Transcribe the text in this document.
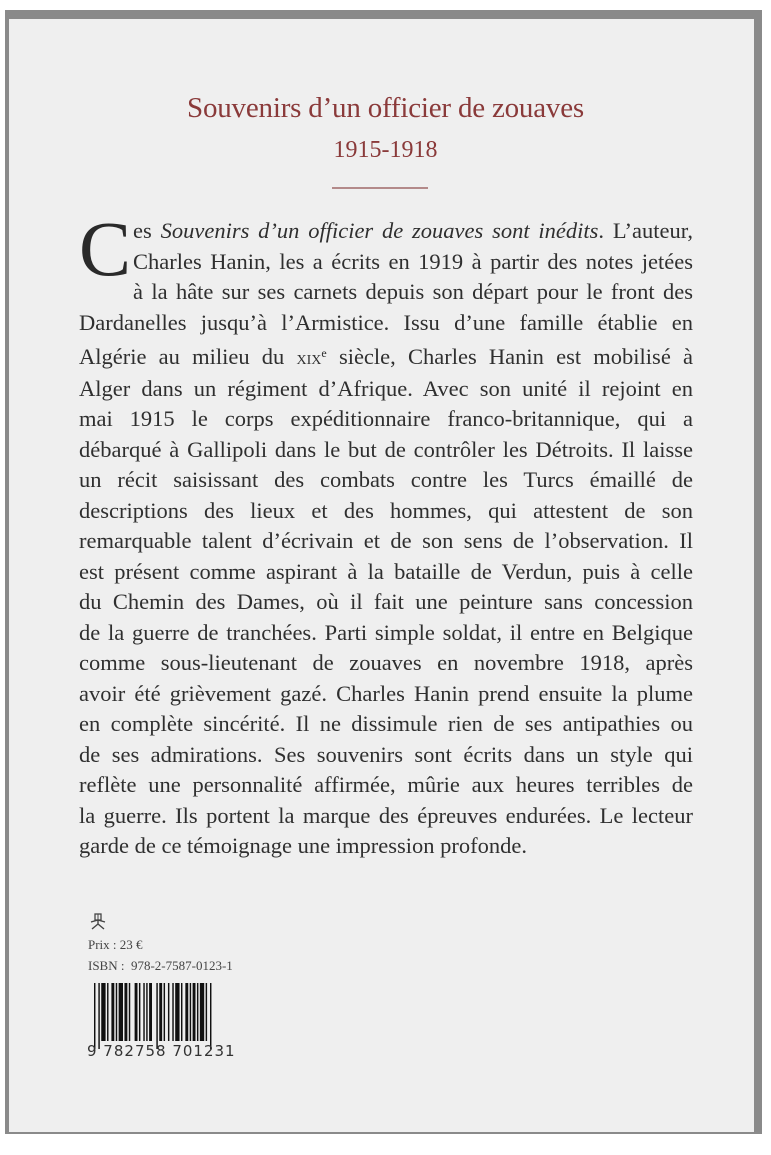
Souvenirs d’un officier de zouaves
1915-1918
C es Souvenirs d’un officier de zouaves sont inédits. L’auteur,
Charles Hanin, les a écrits en 1919 à partir des notes jetées
à la hâte sur ses carnets depuis son départ pour le front des
Dardanelles jusqu’à l’Armistice. Issu d’une famille établie en
Algérie au milieu du xix$^e$ siècle, Charles Hanin est mobilisé à
Alger dans un régiment d’Afrique. Avec son unité il rejoint en
mai 1915 le corps expéditionnaire franco-britannique, qui a
débarqué à Gallipoli dans le but de contrôler les Détroits. Il laisse
un récit saisissant des combats contre les Turcs émaillé de
descriptions des lieux et des hommes, qui attestent de son
remarquable talent d’écrivain et de son sens de l’observation. Il
est présent comme aspirant à la bataille de Verdun, puis à celle
du Chemin des Dames, où il fait une peinture sans concession
de la guerre de tranchées. Parti simple soldat, il entre en Belgique
comme sous-lieutenant de zouaves en novembre 1918, après
avoir été grièvement gazé. Charles Hanin prend ensuite la plume
en complète sincérité. Il ne dissimule rien de ses antipathies ou
de ses admirations. Ses souvenirs sont écrits dans un style qui
reflète une personnalité affirmée, mûrie aux heures terribles de
la guerre. Ils portent la marque des épreuves endurées. Le lecteur
garde de ce témoignage une impression profonde.
Prix : 23 €
ISBN :  978-2-7587-0123-1
9 782758 701231
